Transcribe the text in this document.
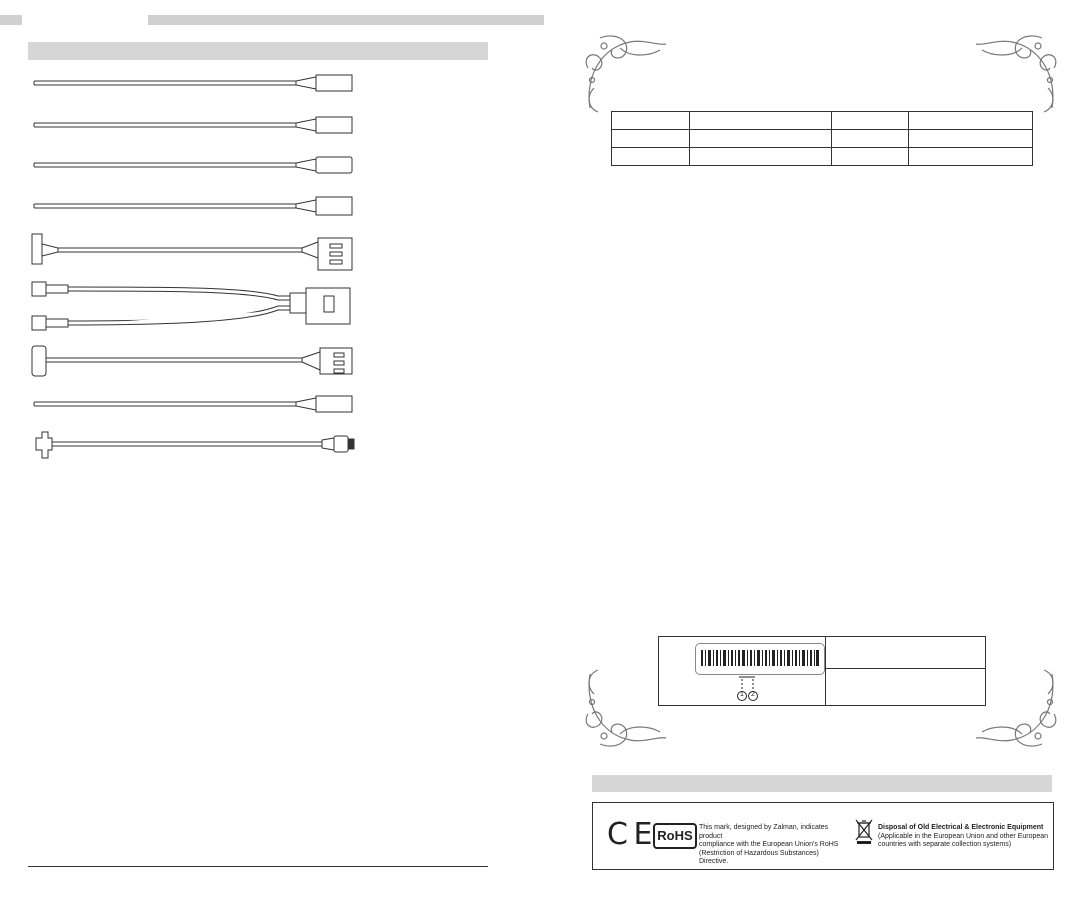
1 2
C E RoHS
This mark, designed by Zalman, indicates product
compliance with the European Union's RoHS
(Restriction of Hazardous Substances) Directive.
Disposal of Old Electrical & Electronic Equipment
(Applicable in the European Union and other European
countries with separate collection systems)
